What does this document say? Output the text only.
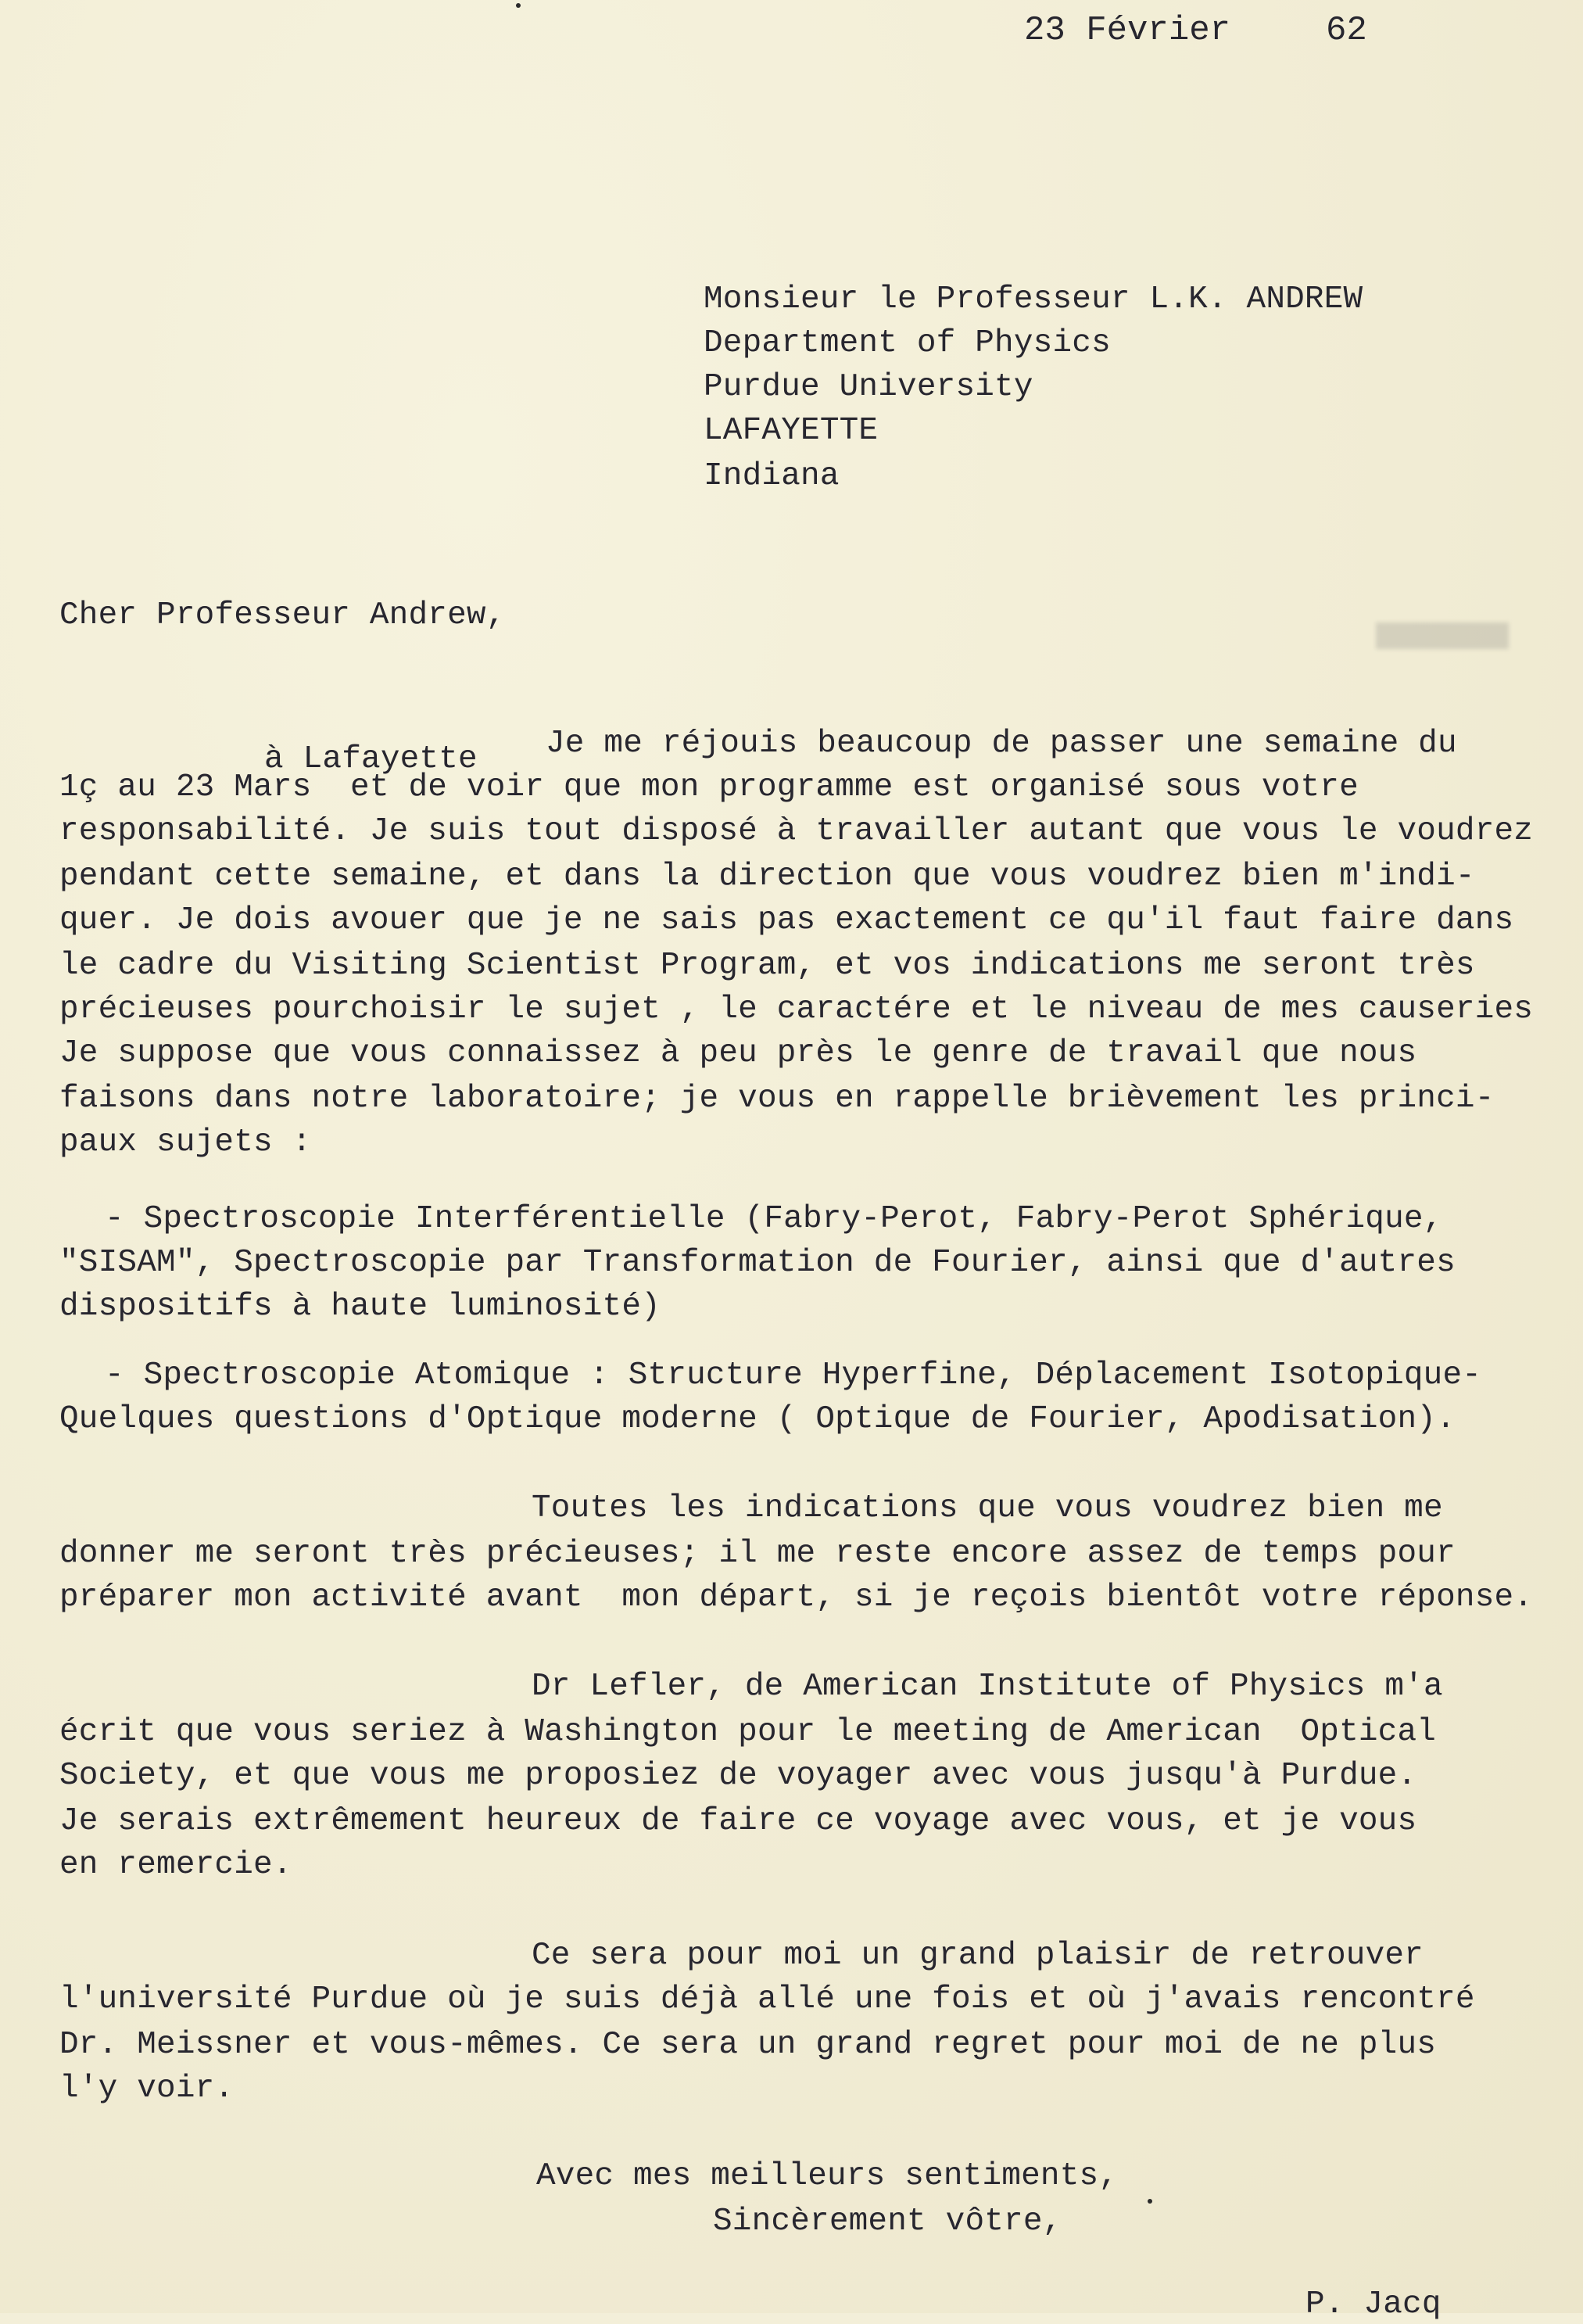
23 Février	62
Monsieur le Professeur L.K. ANDREW
Department of Physics
Purdue University
LAFAYETTE
Indiana
Cher Professeur Andrew,
à Lafayette Je me réjouis beaucoup de passer une semaine du
1ç au 23 Mars  et de voir que mon programme est organisé sous votre
responsabilité. Je suis tout disposé à travailler autant que vous le voudrez
pendant cette semaine, et dans la direction que vous voudrez bien m'indi-
quer. Je dois avouer que je ne sais pas exactement ce qu'il faut faire dans
le cadre du Visiting Scientist Program, et vos indications me seront très
précieuses pourchoisir le sujet , le caractére et le niveau de mes causeries
Je suppose que vous connaissez à peu près le genre de travail que nous
faisons dans notre laboratoire; je vous en rappelle brièvement les princi-
paux sujets :
- Spectroscopie Interférentielle (Fabry-Perot, Fabry-Perot Sphérique,
"SISAM", Spectroscopie par Transformation de Fourier, ainsi que d'autres
dispositifs à haute luminosité)
- Spectroscopie Atomique : Structure Hyperfine, Déplacement Isotopique-
Quelques questions d'Optique moderne ( Optique de Fourier, Apodisation).
Toutes les indications que vous voudrez bien me
donner me seront très précieuses; il me reste encore assez de temps pour
préparer mon activité avant  mon départ, si je reçois bientôt votre réponse.
Dr Lefler, de American Institute of Physics m'a
écrit que vous seriez à Washington pour le meeting de American  Optical
Society, et que vous me proposiez de voyager avec vous jusqu'à Purdue.
Je serais extrêmement heureux de faire ce voyage avec vous, et je vous
en remercie.
Ce sera pour moi un grand plaisir de retrouver
l'université Purdue où je suis déjà allé une fois et où j'avais rencontré
Dr. Meissner et vous-mêmes. Ce sera un grand regret pour moi de ne plus
l'y voir.
Avec mes meilleurs sentiments,
Sincèrement vôtre,
P. Jacq
